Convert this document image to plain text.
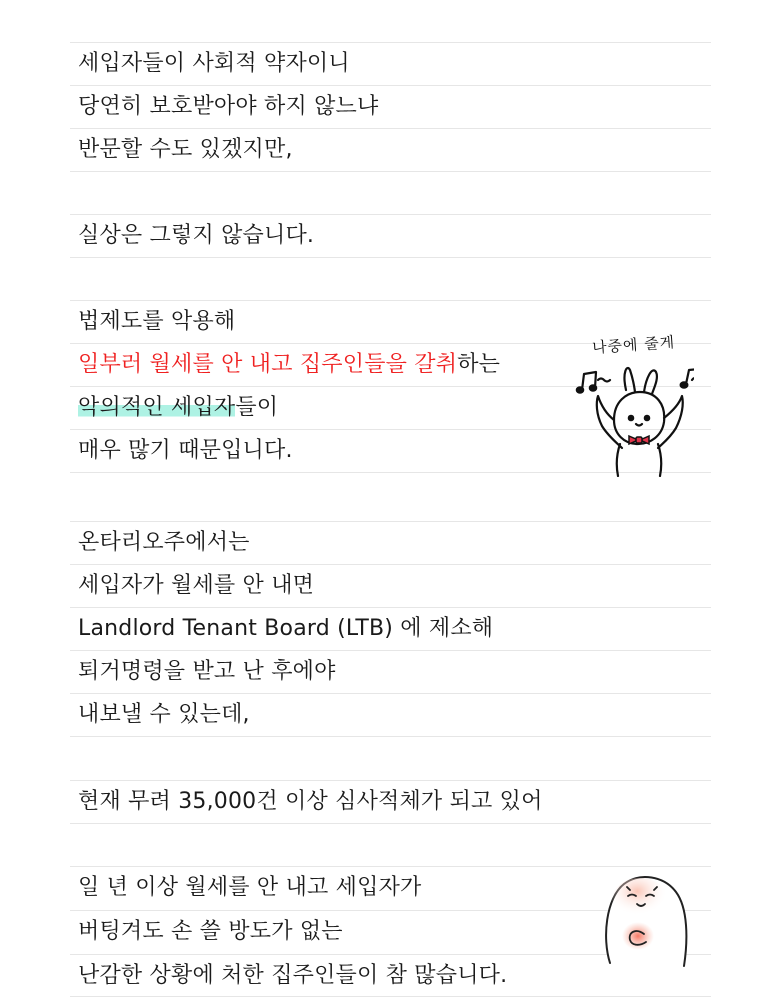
세입자들이 사회적 약자이니
당연히 보호받아야 하지 않느냐
반문할 수도 있겠지만,
실상은 그렇지 않습니다.
법제도를 악용해
일부러 월세를 안 내고 집주인들을 갈취하는
악의적인 세입자들이
매우 많기 때문입니다.
온타리오주에서는
세입자가 월세를 안 내면
Landlord Tenant Board (LTB) 에 제소해
퇴거명령을 받고 난 후에야
내보낼 수 있는데,
현재 무려 35,000건 이상 심사적체가 되고 있어
일 년 이상 월세를 안 내고 세입자가
버팅겨도 손 쓸 방도가 없는
난감한 상황에 처한 집주인들이 참 많습니다.
나중에 줄게
